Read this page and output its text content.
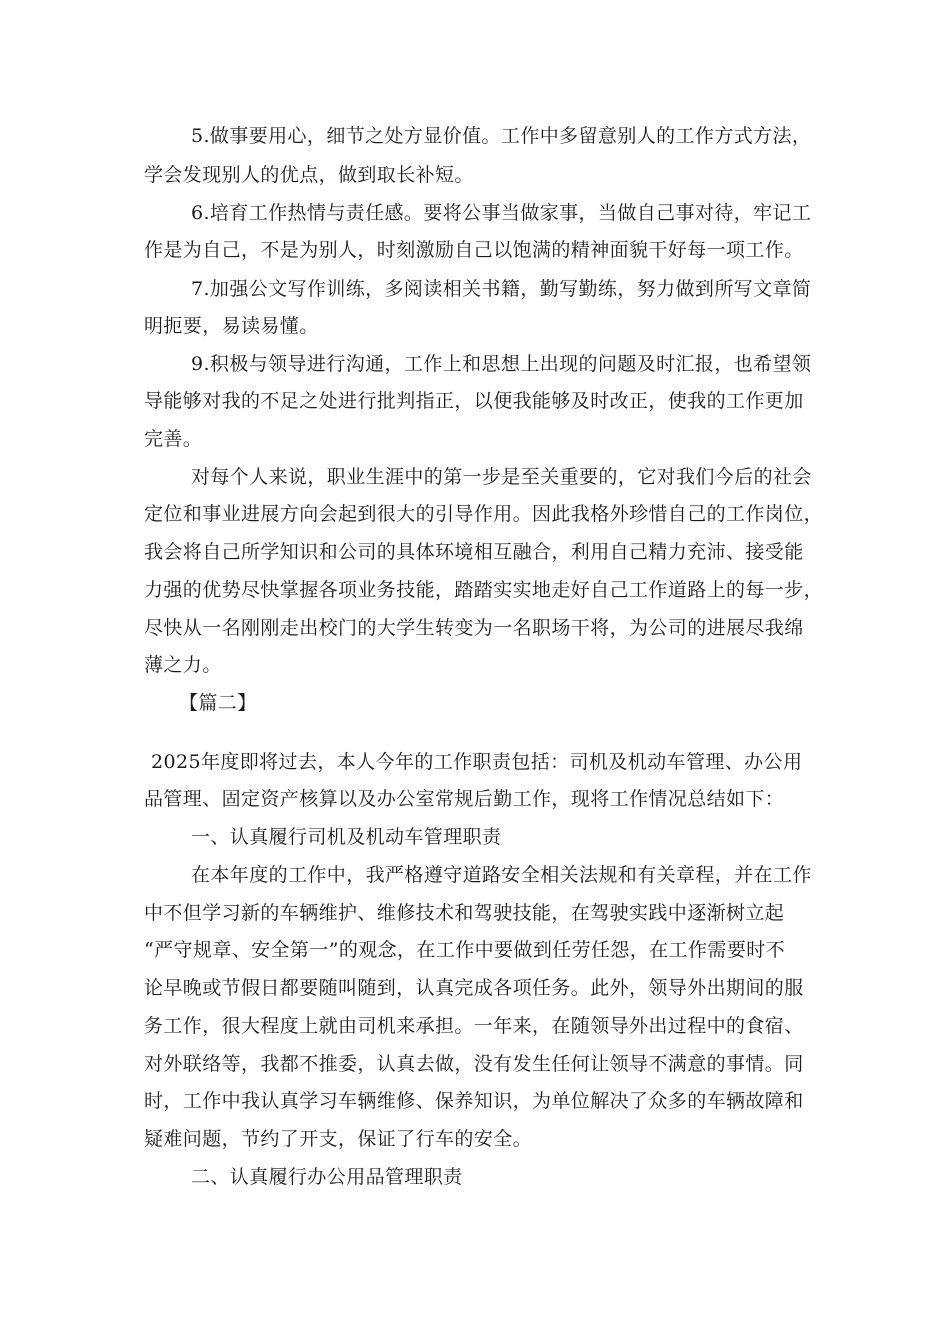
5.做事要用心，细节之处方显价值。工作中多留意别人的工作方式方法，
学会发现别人的优点，做到取长补短。
6.培育工作热情与责任感。要将公事当做家事，当做自己事对待，牢记工
作是为自己，不是为别人，时刻激励自己以饱满的精神面貌干好每一项工作。
7.加强公文写作训练，多阅读相关书籍，勤写勤练，努力做到所写文章简
明扼要，易读易懂。
9.积极与领导进行沟通，工作上和思想上出现的问题及时汇报，也希望领
导能够对我的不足之处进行批判指正，以便我能够及时改正，使我的工作更加
完善。
对每个人来说，职业生涯中的第一步是至关重要的，它对我们今后的社会
定位和事业进展方向会起到很大的引导作用。因此我格外珍惜自己的工作岗位，
我会将自己所学知识和公司的具体环境相互融合，利用自己精力充沛、接受能
力强的优势尽快掌握各项业务技能，踏踏实实地走好自己工作道路上的每一步，
尽快从一名刚刚走出校门的大学生转变为一名职场干将，为公司的进展尽我绵
薄之力。
【篇二】
2025年度即将过去，本人今年的工作职责包括：司机及机动车管理、办公用
品管理、固定资产核算以及办公室常规后勤工作，现将工作情况总结如下：
一、认真履行司机及机动车管理职责
在本年度的工作中，我严格遵守道路安全相关法规和有关章程，并在工作
中不但学习新的车辆维护、维修技术和驾驶技能，在驾驶实践中逐渐树立起
“严守规章、安全第一”的观念，在工作中要做到任劳任怨，在工作需要时不
论早晚或节假日都要随叫随到，认真完成各项任务。此外，领导外出期间的服
务工作，很大程度上就由司机来承担。一年来，在随领导外出过程中的食宿、
对外联络等，我都不推委，认真去做，没有发生任何让领导不满意的事情。同
时，工作中我认真学习车辆维修、保养知识，为单位解决了众多的车辆故障和
疑难问题，节约了开支，保证了行车的安全。
二、认真履行办公用品管理职责
